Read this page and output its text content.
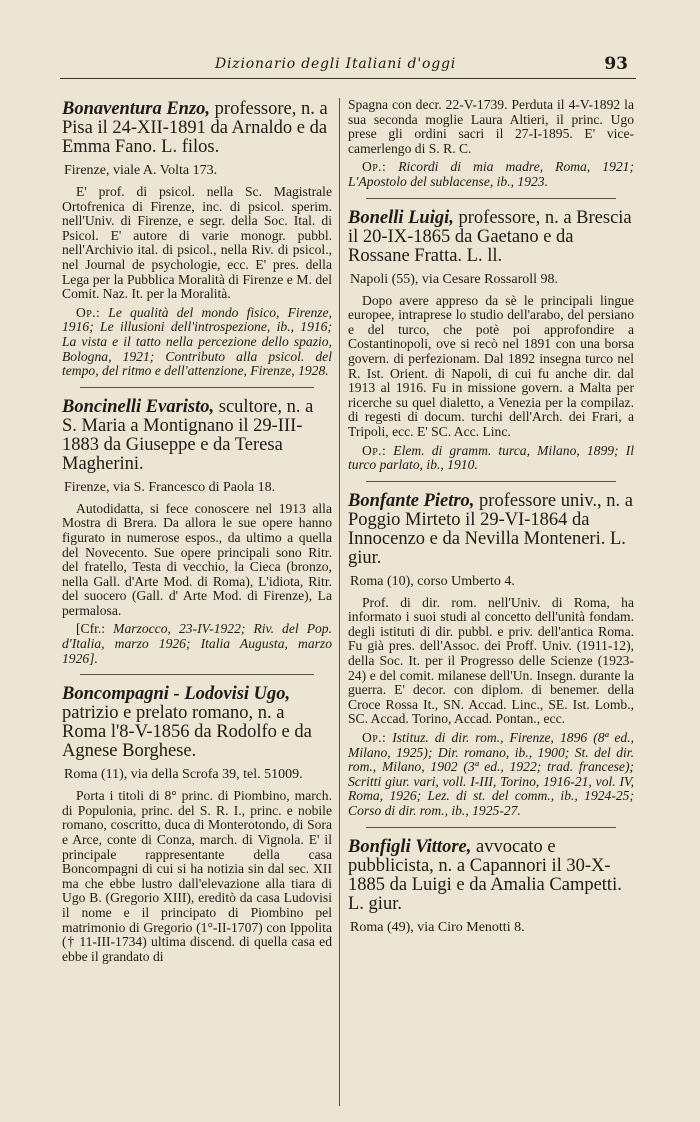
Dizionario degli Italiani d'oggi	93

Bonaventura Enzo, professore, n. a Pisa il 24-XII-1891 da Arnaldo e da Emma Fano. L. filos.

Firenze, viale A. Volta 173.

E' prof. di psicol. nella Sc. Magistrale Ortofrenica di Firenze, inc. di psicol. sperim. nell'Univ. di Firenze, e segr. della Soc. Ital. di Psicol. E' autore di varie monogr. pubbl. nell'Archivio ital. di psicol., nella Riv. di psicol., nel Journal de psychologie, ecc. E' pres. della Lega per la Pubblica Moralità di Firenze e M. del Comit. Naz. It. per la Moralità.

Op.: Le qualità del mondo fisico, Firenze, 1916; Le illusioni dell'introspezione, ib., 1916; La vista e il tatto nella percezione dello spazio, Bologna, 1921; Contributo alla psicol. del tempo, del ritmo e dell'attenzione, Firenze, 1928.

Boncinelli Evaristo, scultore, n. a S. Maria a Montignano il 29-III-1883 da Giuseppe e da Teresa Magherini.

Firenze, via S. Francesco di Paola 18.

Autodidatta, si fece conoscere nel 1913 alla Mostra di Brera. Da allora le sue opere hanno figurato in numerose espos., da ultimo a quella del Novecento. Sue opere principali sono Ritr. del fratello, Testa di vecchio, la Cieca (bronzo, nella Gall. d'Arte Mod. di Roma), L'idiota, Ritr. del suocero (Gall. d' Arte Mod. di Firenze), La permalosa.

[Cfr.: Marzocco, 23-IV-1922; Riv. del Pop. d'Italia, marzo 1926; Italia Augusta, marzo 1926].

Boncompagni - Lodovisi Ugo, patrizio e prelato romano, n. a Roma l'8-V-1856 da Rodolfo e da Agnese Borghese.

Roma (11), via della Scrofa 39, tel. 51009.

Porta i titoli di 8° princ. di Piombino, march. di Populonia, princ. del S. R. I., princ. e nobile romano, coscritto, duca di Monterotondo, di Sora e Arce, conte di Conza, march. di Vignola. E' il principale rappresentante della casa Boncompagni di cui si ha notizia sin dal sec. XII ma che ebbe lustro dall'elevazione alla tiara di Ugo B. (Gregorio XIII), ereditò da casa Ludovisi il nome e il principato di Piombino pel matrimonio di Gregorio (1°-II-1707) con Ippolita († 11-III-1734) ultima discend. di quella casa ed ebbe il grandato di

Spagna con decr. 22-V-1739. Perduta il 4-V-1892 la sua seconda moglie Laura Altieri, il princ. Ugo prese gli ordini sacri il 27-I-1895. E' vice-camerlengo di S. R. C.

Op.: Ricordi di mia madre, Roma, 1921; L'Apostolo del sublacense, ib., 1923.

Bonelli Luigi, professore, n. a Brescia il 20-IX-1865 da Gaetano e da Rossane Fratta. L. ll.

Napoli (55), via Cesare Rossaroll 98.

Dopo avere appreso da sè le principali lingue europee, intraprese lo studio dell'arabo, del persiano e del turco, che potè poi approfondire a Costantinopoli, ove si recò nel 1891 con una borsa govern. di perfezionam. Dal 1892 insegna turco nel R. Ist. Orient. di Napoli, di cui fu anche dir. dal 1913 al 1916. Fu in missione govern. a Malta per ricerche su quel dialetto, a Venezia per la compilaz. di regesti di docum. turchi dell'Arch. dei Frari, a Tripoli, ecc. E' SC. Acc. Linc.

Op.: Elem. di gramm. turca, Milano, 1899; Il turco parlato, ib., 1910.

Bonfante Pietro, professore univ., n. a Poggio Mirteto il 29-VI-1864 da Innocenzo e da Nevilla Monteneri. L. giur.

Roma (10), corso Umberto 4.

Prof. di dir. rom. nell'Univ. di Roma, ha informato i suoi studi al concetto dell'unità fondam. degli istituti di dir. pubbl. e priv. dell'antica Roma. Fu già pres. dell'Assoc. dei Proff. Univ. (1911-12), della Soc. It. per il Progresso delle Scienze (1923-24) e del comit. milanese dell'Un. Insegn. durante la guerra. E' decor. con diplom. di benemer. della Croce Rossa It., SN. Accad. Linc., SE. Ist. Lomb., SC. Accad. Torino, Accad. Pontan., ecc.

Op.: Istituz. di dir. rom., Firenze, 1896 (8ª ed., Milano, 1925); Dir. romano, ib., 1900; St. del dir. rom., Milano, 1902 (3ª ed., 1922; trad. francese); Scritti giur. vari, voll. I-III, Torino, 1916-21, vol. IV, Roma, 1926; Lez. di st. del comm., ib., 1924-25; Corso di dir. rom., ib., 1925-27.

Bonfigli Vittore, avvocato e pubblicista, n. a Capannori il 30-X-1885 da Luigi e da Amalia Campetti. L. giur.

Roma (49), via Ciro Menotti 8.
